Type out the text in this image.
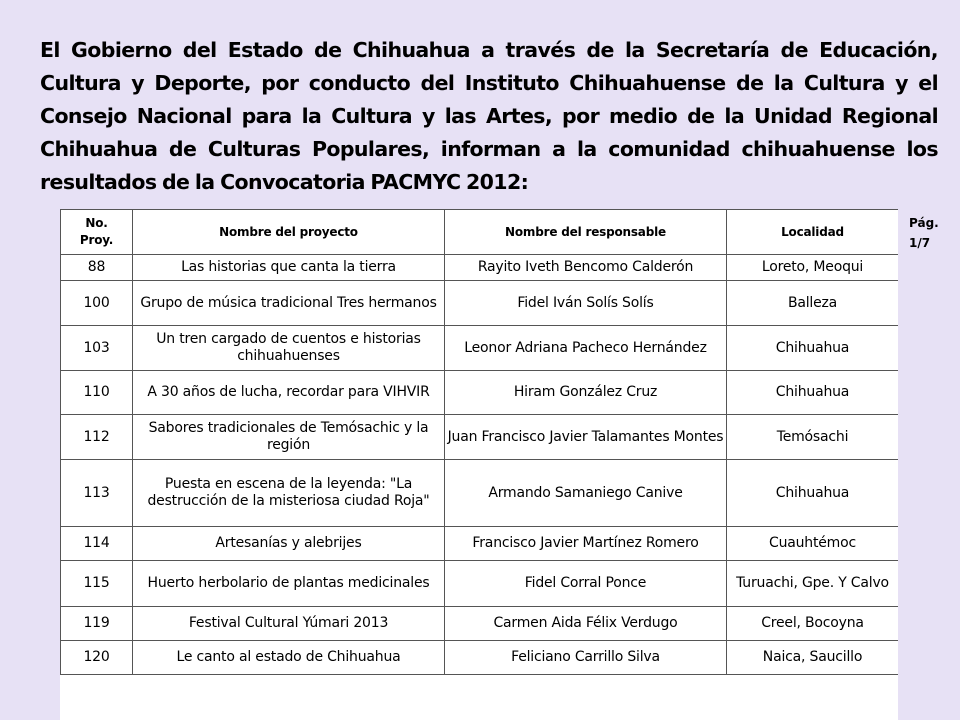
El Gobierno del Estado de Chihuahua a través de la Secretaría de Educación, Cultura y Deporte, por conducto del Instituto Chihuahuense de la Cultura y el Consejo Nacional para la Cultura y las Artes, por medio de la Unidad Regional Chihuahua de Culturas Populares, informan a la comunidad chihuahuense los resultados de la Convocatoria PACMYC 2012:

No.
Proy.	Nombre del proyecto	Nombre del responsable	Localidad
88	Las historias que canta la tierra	Rayito Iveth Bencomo Calderón	Loreto, Meoqui
100	Grupo de música tradicional Tres hermanos	Fidel Iván Solís Solís	Balleza
103	Un tren cargado de cuentos e historias chihuahuenses	Leonor Adriana Pacheco Hernández	Chihuahua
110	A 30 años de lucha, recordar para VIHVIR	Hiram González Cruz	Chihuahua
112	Sabores tradicionales de Temósachic y la región	Juan Francisco Javier Talamantes Montes	Temósachi
113	Puesta en escena de la leyenda: "La destrucción de la misteriosa ciudad Roja"	Armando Samaniego Canive	Chihuahua
114	Artesanías y alebrijes	Francisco Javier Martínez Romero	Cuauhtémoc
115	Huerto herbolario de plantas medicinales	Fidel Corral Ponce	Turuachi, Gpe. Y Calvo
119	Festival Cultural Yúmari 2013	Carmen Aida Félix Verdugo	Creel, Bocoyna
120	Le canto al estado de Chihuahua	Feliciano Carrillo Silva	Naica, Saucillo
Pág.
1/7
